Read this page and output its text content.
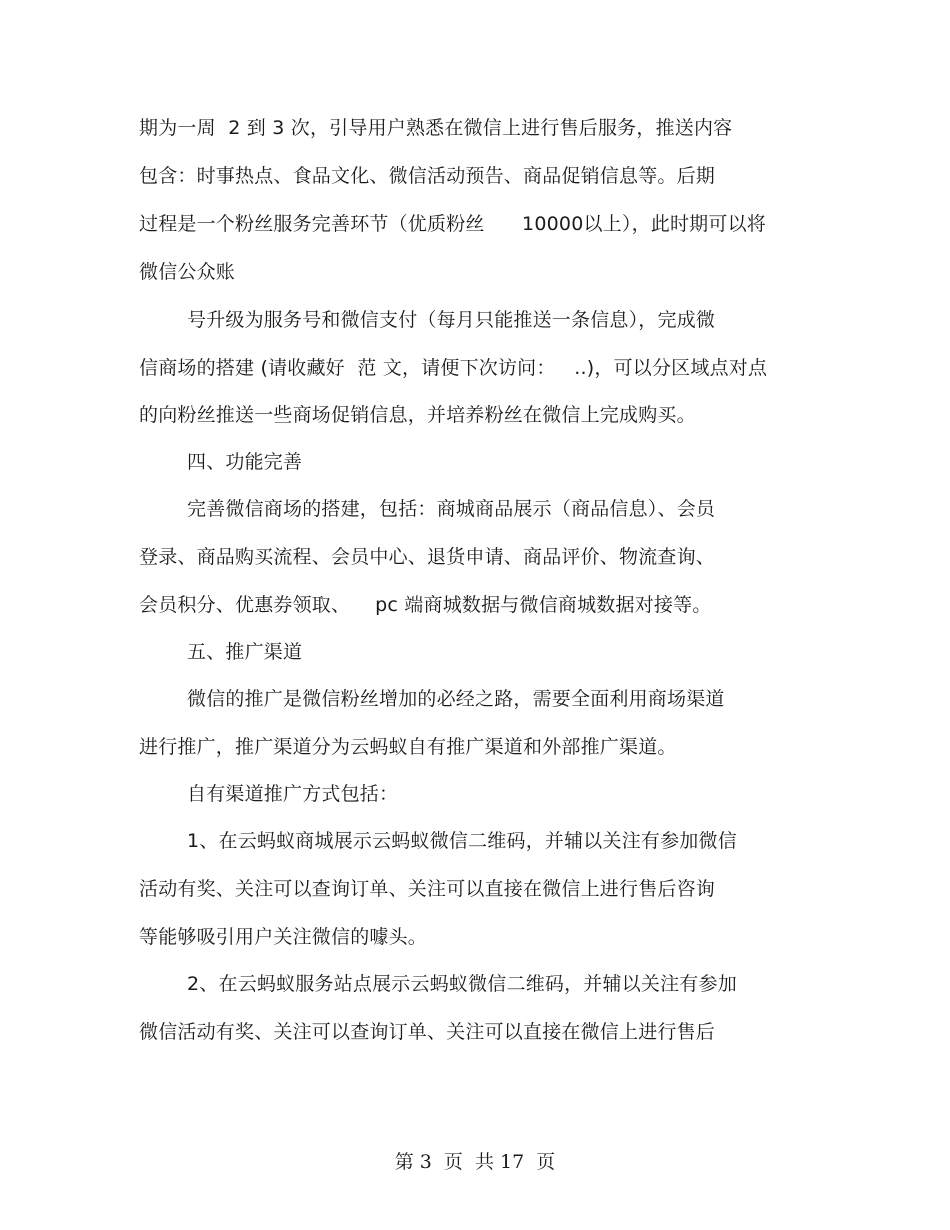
期为一周  2 到 3 次，引导用户熟悉在微信上进行售后服务，推送内容
包含：时事热点、食品文化、微信活动预告、商品促销信息等。后期
过程是一个粉丝服务完善环节（优质粉丝      10000以上），此时期可以将
微信公众账
号升级为服务号和微信支付（每月只能推送一条信息），完成微
信商场的搭建 (请收藏好  范 文，请便下次访问：   ..)，可以分区域点对点
的向粉丝推送一些商场促销信息，并培养粉丝在微信上完成购买。
四、功能完善
完善微信商场的搭建，包括：商城商品展示（商品信息）、会员
登录、商品购买流程、会员中心、退货申请、商品评价、物流查询、
会员积分、优惠券领取、    pc 端商城数据与微信商城数据对接等。
五、推广渠道
微信的推广是微信粉丝增加的必经之路，需要全面利用商场渠道
进行推广，推广渠道分为云蚂蚁自有推广渠道和外部推广渠道。
自有渠道推广方式包括：
1、在云蚂蚁商城展示云蚂蚁微信二维码，并辅以关注有参加微信
活动有奖、关注可以查询订单、关注可以直接在微信上进行售后咨询
等能够吸引用户关注微信的噱头。
2、在云蚂蚁服务站点展示云蚂蚁微信二维码，并辅以关注有参加
微信活动有奖、关注可以查询订单、关注可以直接在微信上进行售后
第 3  页  共 17  页
